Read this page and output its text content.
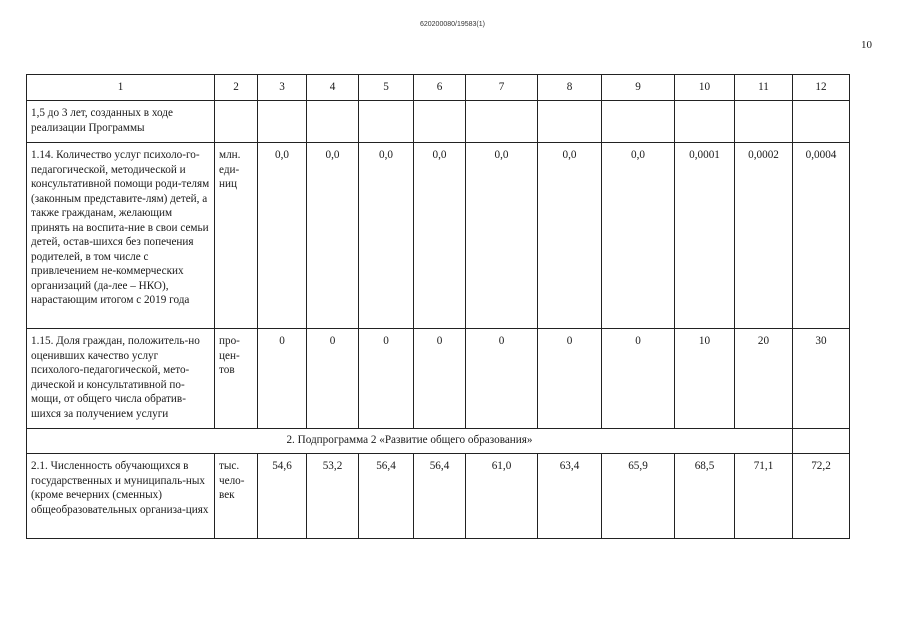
620200080/19583(1)
10
1	2	3	4	5	6	7	8	9	10	11	12
1,5 до 3 лет, созданных в ходе реализации Программы											
1.14. Количество услуг психоло-го-педагогической, методической и консультативной помощи роди-телям (законным представите-лям) детей, а также гражданам, желающим принять на воспита-ние в свои семьи детей, остав-шихся без попечения родителей, в том числе с привлечением не-коммерческих организаций (да-лее – НКО), нарастающим итогом с 2019 года	млн. еди-ниц	0,0	0,0	0,0	0,0	0,0	0,0	0,0	0,0001	0,0002	0,0004
1.15. Доля граждан, положитель-но оценивших качество услуг психолого-педагогической, мето-дической и консультативной по-мощи, от общего числа обратив-шихся за получением услуги	про-цен-тов	0	0	0	0	0	0	0	10	20	30
2. Подпрограмма 2 «Развитие общего образования»											
2.1. Численность обучающихся в государственных и муниципаль-ных (кроме вечерних (сменных) общеобразовательных организа-циях	тыс. чело-век	54,6	53,2	56,4	56,4	61,0	63,4	65,9	68,5	71,1	72,2
